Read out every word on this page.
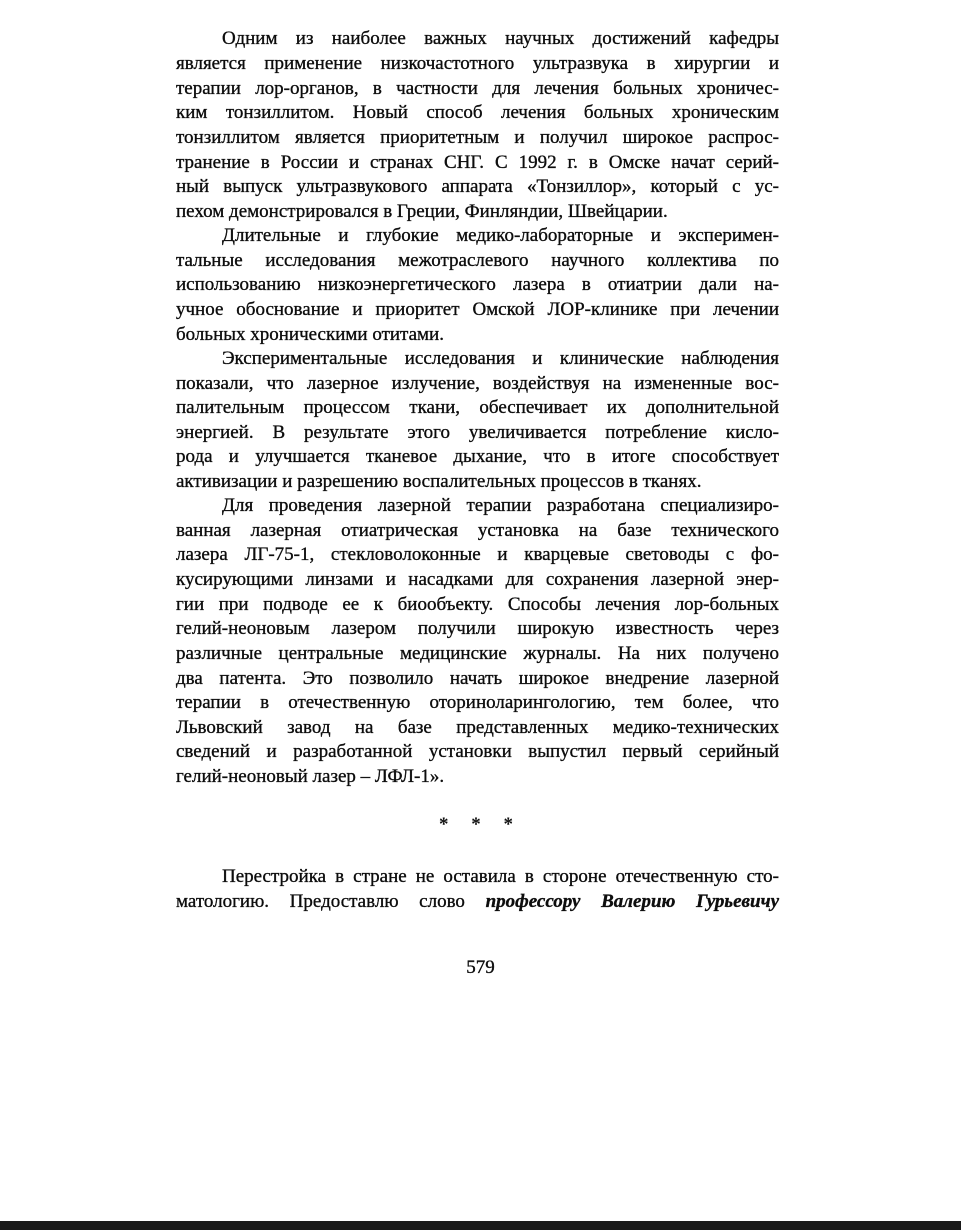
Одним из наиболее важных научных достижений кафедры
является применение низкочастотного ультразвука в хирургии и
терапии лор-органов, в частности для лечения больных хроничес-
ким тонзиллитом. Новый способ лечения больных хроническим
тонзиллитом является приоритетным и получил широкое распрос-
транение в России и странах СНГ. С 1992 г. в Омске начат серий-
ный выпуск ультразвукового аппарата «Тонзиллор», который с ус-
пехом демонстрировался в Греции, Финляндии, Швейцарии.
Длительные и глубокие медико-лабораторные и эксперимен-
тальные исследования межотраслевого научного коллектива по
использованию низкоэнергетического лазера в отиатрии дали на-
учное обоснование и приоритет Омской ЛОР-клинике при лечении
больных хроническими отитами.
Экспериментальные исследования и клинические наблюдения
показали, что лазерное излучение, воздействуя на измененные вос-
палительным процессом ткани, обеспечивает их дополнительной
энергией. В результате этого увеличивается потребление кисло-
рода и улучшается тканевое дыхание, что в итоге способствует
активизации и разрешению воспалительных процессов в тканях.
Для проведения лазерной терапии разработана специализиро-
ванная лазерная отиатрическая установка на базе технического
лазера ЛГ-75-1, стекловолоконные и кварцевые световоды с фо-
кусирующими линзами и насадками для сохранения лазерной энер-
гии при подводе ее к биообъекту. Способы лечения лор-больных
гелий-неоновым лазером получили широкую известность через
различные центральные медицинские журналы. На них получено
два патента. Это позволило начать широкое внедрение лазерной
терапии в отечественную оториноларингологию, тем более, что
Львовский завод на базе представленных медико-технических
сведений и разработанной установки выпустил первый серийный
гелий-неоновый лазер – ЛФЛ-1».
* * *
Перестройка в стране не оставила в стороне отечественную сто-
матологию. Предоставлю слово профессору Валерию Гурьевичу
579
